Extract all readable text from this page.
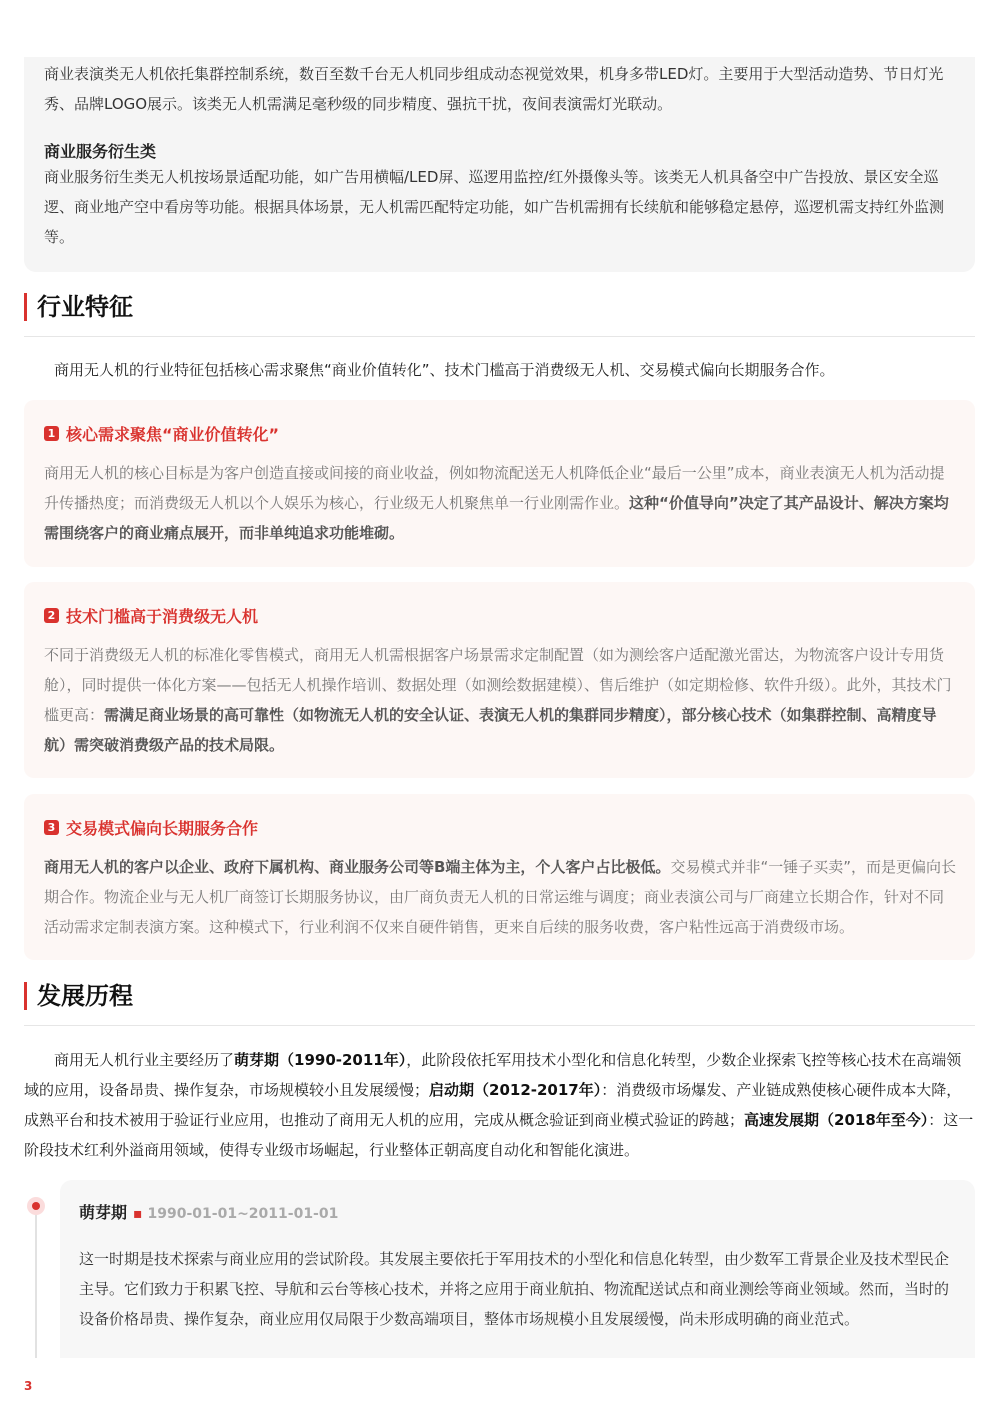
商业表演类无人机依托集群控制系统，数百至数千台无人机同步组成动态视觉效果，机身多带LED灯。主要用于大型活动造势、节日灯光秀、品牌LOGO展示。该类无人机需满足毫秒级的同步精度、强抗干扰，夜间表演需灯光联动。
商业服务衍生类
商业服务衍生类无人机按场景适配功能，如广告用横幅/LED屏、巡逻用监控/红外摄像头等。该类无人机具备空中广告投放、景区安全巡逻、商业地产空中看房等功能。根据具体场景，无人机需匹配特定功能，如广告机需拥有长续航和能够稳定悬停，巡逻机需支持红外监测等。
行业特征
商用无人机的行业特征包括核心需求聚焦“商业价值转化”、技术门槛高于消费级无人机、交易模式偏向长期服务合作。
1 核心需求聚焦“商业价值转化”
商用无人机的核心目标是为客户创造直接或间接的商业收益，例如物流配送无人机降低企业“最后一公里”成本，商业表演无人机为活动提升传播热度；而消费级无人机以个人娱乐为核心，行业级无人机聚焦单一行业刚需作业。这种“价值导向”决定了其产品设计、解决方案均需围绕客户的商业痛点展开，而非单纯追求功能堆砌。
2 技术门槛高于消费级无人机
不同于消费级无人机的标准化零售模式，商用无人机需根据客户场景需求定制配置（如为测绘客户适配激光雷达，为物流客户设计专用货舱），同时提供一体化方案——包括无人机操作培训、数据处理（如测绘数据建模）、售后维护（如定期检修、软件升级）。此外，其技术门槛更高：需满足商业场景的高可靠性（如物流无人机的安全认证、表演无人机的集群同步精度），部分核心技术（如集群控制、高精度导航）需突破消费级产品的技术局限。
3 交易模式偏向长期服务合作
商用无人机的客户以企业、政府下属机构、商业服务公司等B端主体为主，个人客户占比极低。交易模式并非“一锤子买卖”，而是更偏向长期合作。物流企业与无人机厂商签订长期服务协议，由厂商负责无人机的日常运维与调度；商业表演公司与厂商建立长期合作，针对不同活动需求定制表演方案。这种模式下，行业利润不仅来自硬件销售，更来自后续的服务收费，客户粘性远高于消费级市场。
发展历程
商用无人机行业主要经历了萌芽期（1990-2011年），此阶段依托军用技术小型化和信息化转型，少数企业探索飞控等核心技术在高端领域的应用，设备昂贵、操作复杂，市场规模较小且发展缓慢；启动期（2012-2017年）：消费级市场爆发、产业链成熟使核心硬件成本大降，成熟平台和技术被用于验证行业应用，也推动了商用无人机的应用，完成从概念验证到商业模式验证的跨越；高速发展期（2018年至今）：这一阶段技术红利外溢商用领域，使得专业级市场崛起，行业整体正朝高度自动化和智能化演进。
萌芽期 ▪ 1990-01-01~2011-01-01
这一时期是技术探索与商业应用的尝试阶段。其发展主要依托于军用技术的小型化和信息化转型，由少数军工背景企业及技术型民企主导。它们致力于积累飞控、导航和云台等核心技术，并将之应用于商业航拍、物流配送试点和商业测绘等商业领域。然而，当时的设备价格昂贵、操作复杂，商业应用仅局限于少数高端项目，整体市场规模小且发展缓慢，尚未形成明确的商业范式。
3
